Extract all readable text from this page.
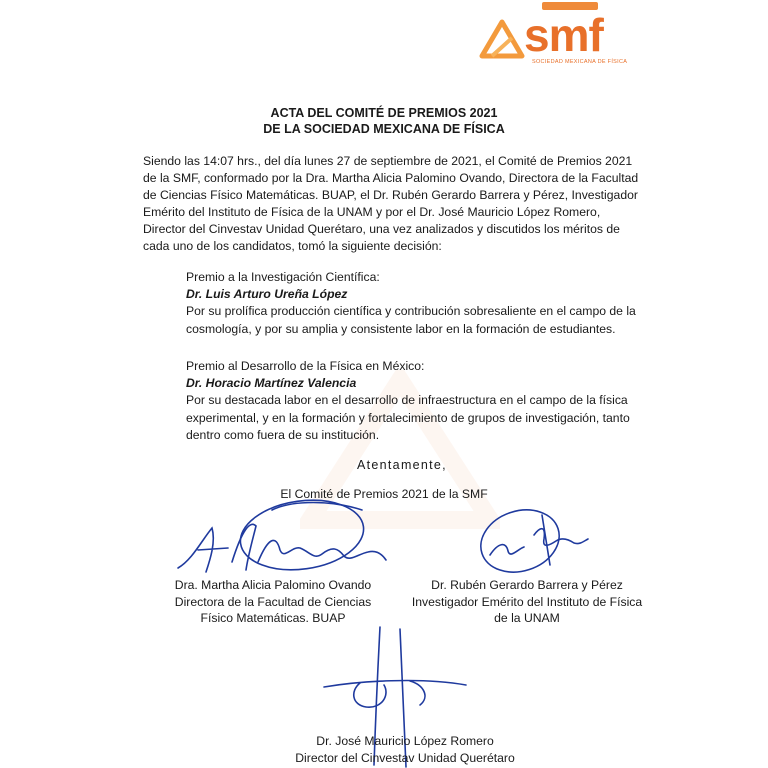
smf
SOCIEDAD MEXICANA DE FÍSICA
ACTA DEL COMITÉ DE PREMIOS 2021
DE LA SOCIEDAD MEXICANA DE FÍSICA
Siendo las 14:07 hrs., del día lunes 27 de septiembre de 2021, el Comité de Premios 2021
de la SMF, conformado por la Dra. Martha Alicia Palomino Ovando, Directora de la Facultad
de Ciencias Físico Matemáticas. BUAP, el Dr. Rubén Gerardo Barrera y Pérez, Investigador
Emérito del Instituto de Física de la UNAM y por el Dr. José Mauricio López Romero,
Director del Cinvestav Unidad Querétaro, una vez analizados y discutidos los méritos de
cada uno de los candidatos, tomó la siguiente decisión:
Premio a la Investigación Científica:
Dr. Luis Arturo Ureña López
Por su prolífica producción científica y contribución sobresaliente en el campo de la
cosmología, y por su amplia y consistente labor en la formación de estudiantes.
Premio al Desarrollo de la Física en México:
Dr. Horacio Martínez Valencia
Por su destacada labor en el desarrollo de infraestructura en el campo de la física
experimental, y en la formación y fortalecimiento de grupos de investigación, tanto
dentro como fuera de su institución.
Atentamente,
El Comité de Premios 2021 de la SMF
Dra. Martha Alicia Palomino Ovando
Directora de la Facultad de Ciencias
Físico Matemáticas. BUAP
Dr. Rubén Gerardo Barrera y Pérez
Investigador Emérito del Instituto de Física
de la UNAM
Dr. José Mauricio López Romero
Director del Cinvestav Unidad Querétaro
